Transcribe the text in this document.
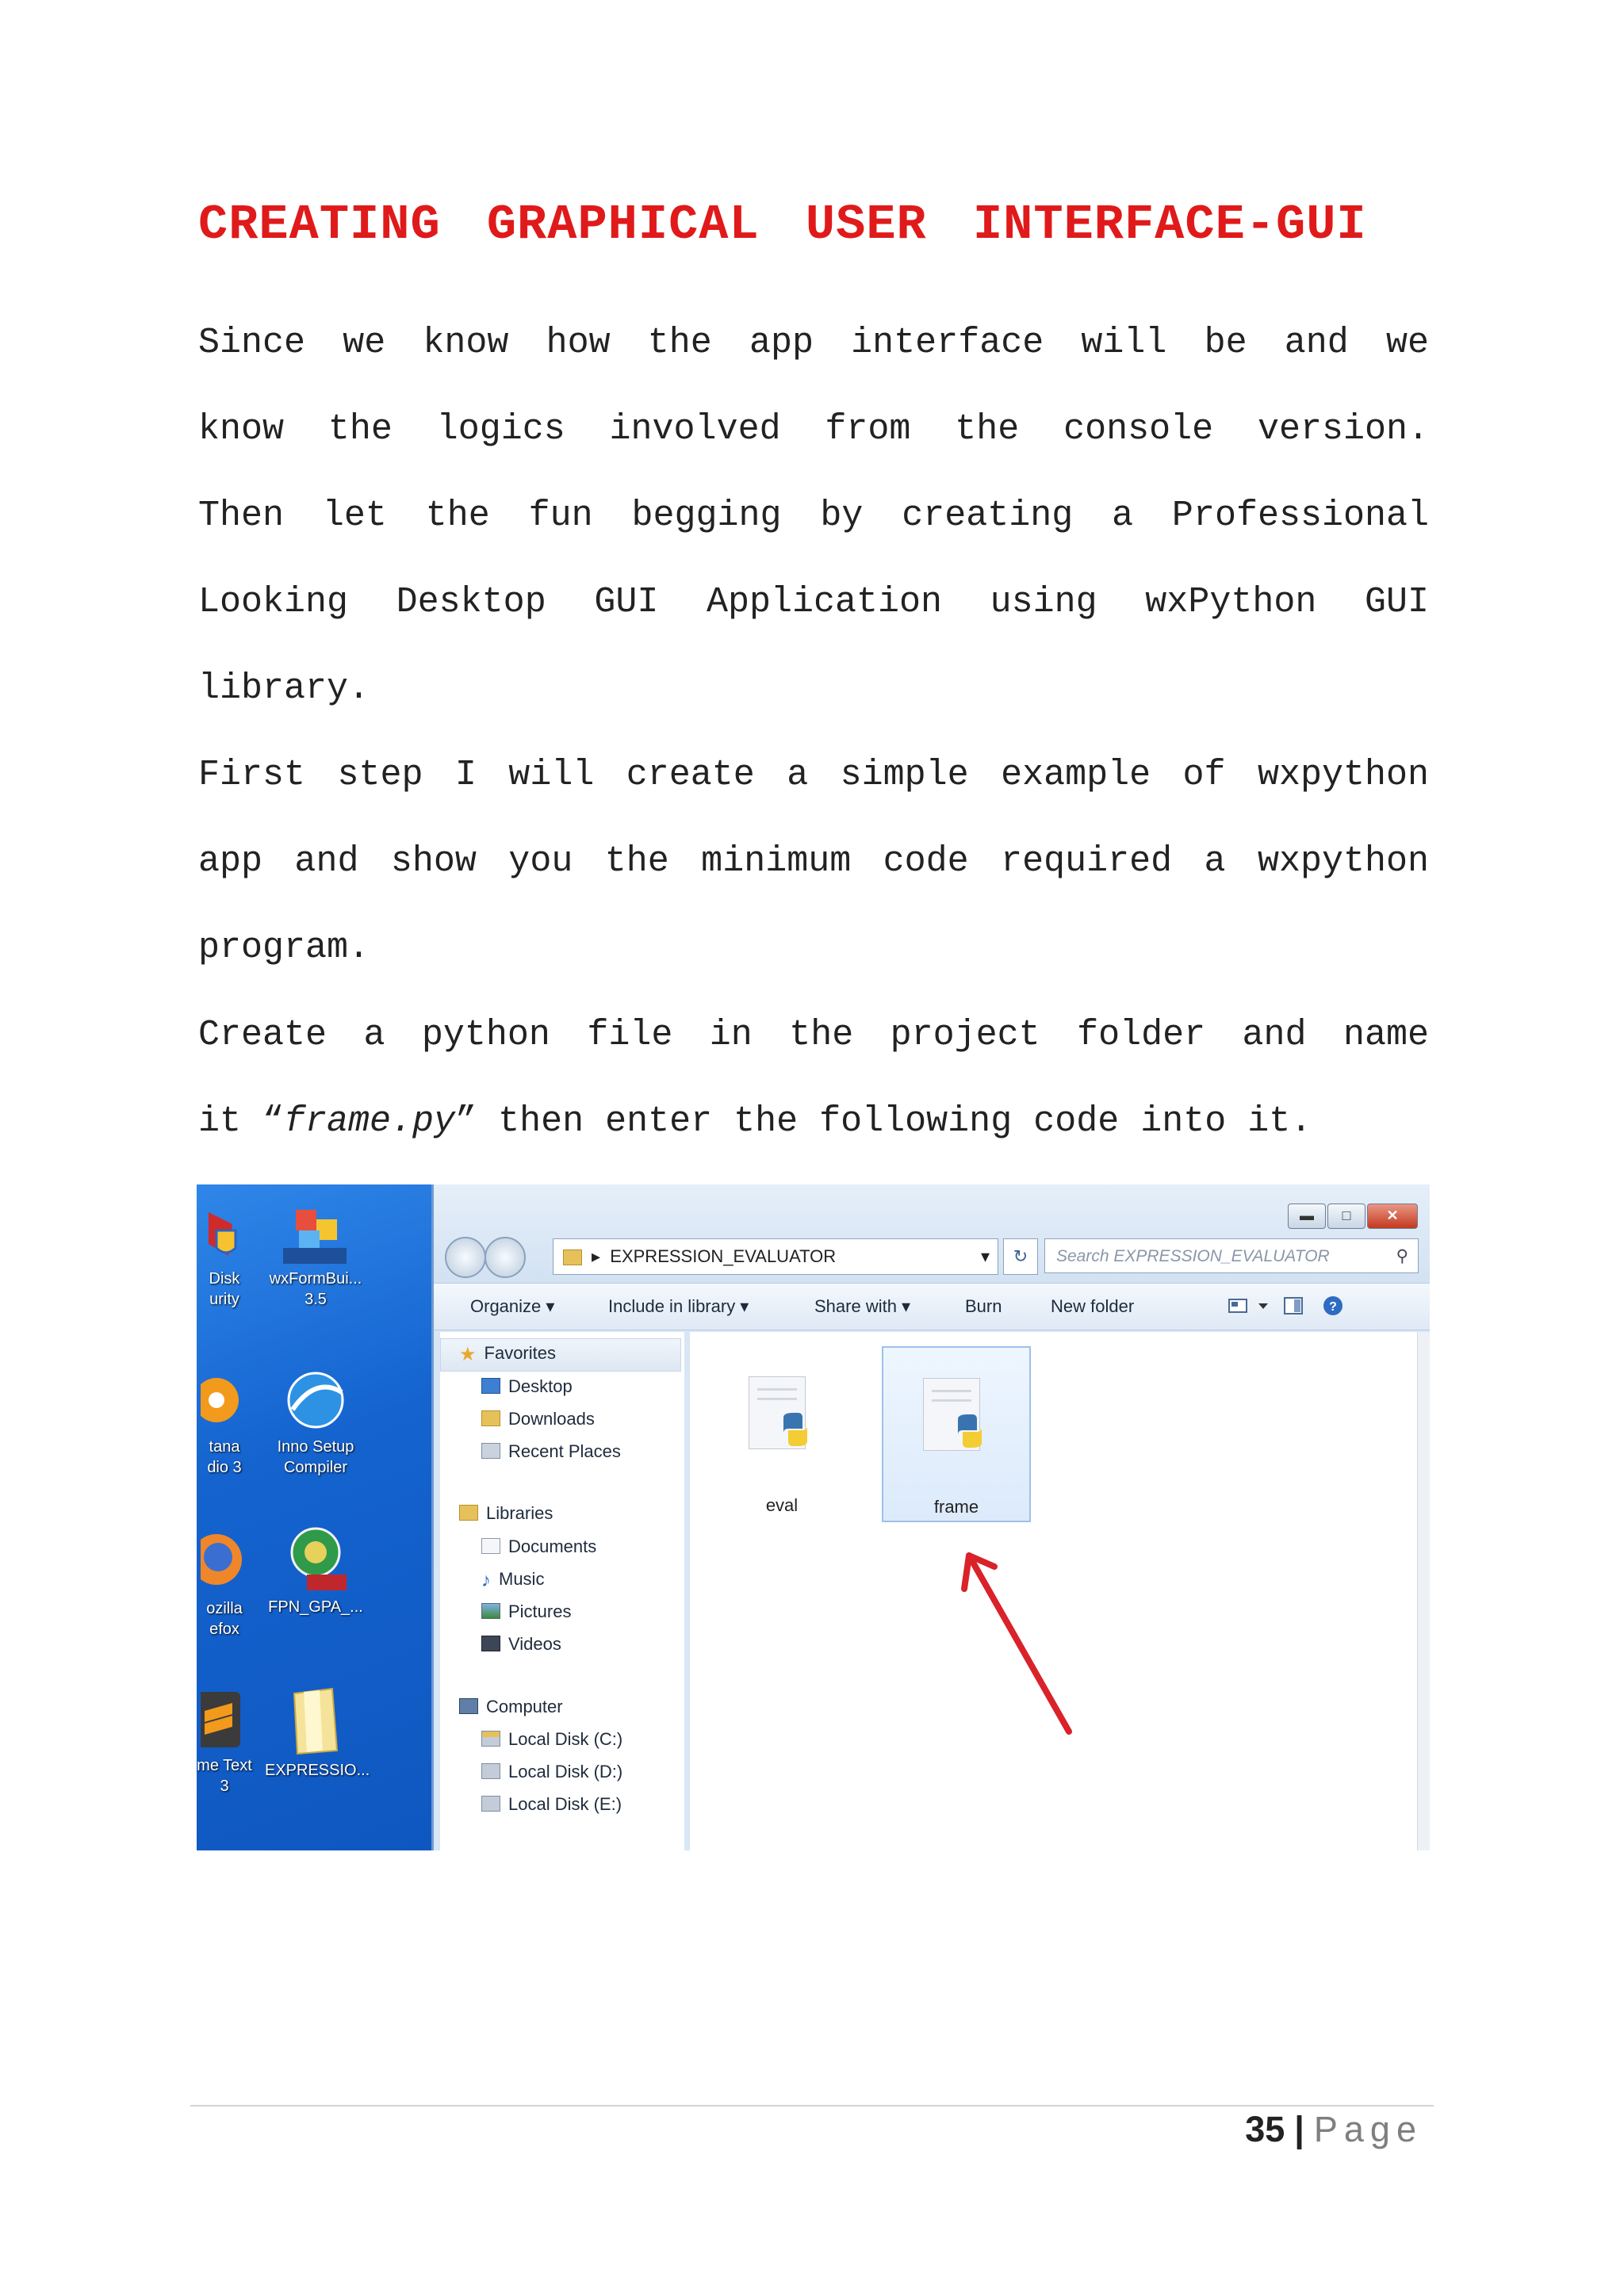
CREATING GRAPHICAL USER INTERFACE-GUI

Since we know how the app interface will be and we

know the logics involved from the console version.

Then let the fun begging by creating a Professional

Looking Desktop GUI Application using wxPython GUI

library.

First step I will create a simple example of wxpython

app and show you the minimum code required a wxpython

program.

Create a python file in the project folder and name

it “frame.py” then enter the following code into it.

Disk
urity
wxFormBui...
3.5
tana
dio 3
Inno Setup
Compiler
ozilla
efox
FPN_GPA_...
me Text
3
EXPRESSIO...
▬	□	✕
▸ EXPRESSION_EVALUATOR	▾	↻	Search EXPRESSION_EVALUATOR	⚲
Organize ▾	Include in library ▾	Share with ▾	Burn	New folder	?
★ Favorites
Desktop
Downloads
Recent Places
Libraries
Documents
♪ Music
Pictures
Videos
Computer
Local Disk (C:)
Local Disk (D:)
Local Disk (E:)
eval	frame
35 | Page
